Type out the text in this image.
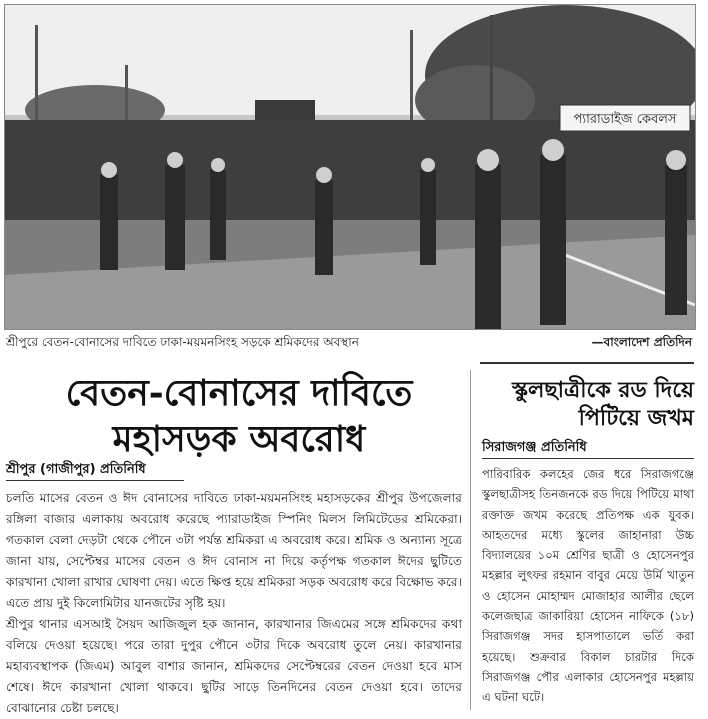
প্যারাডাইজ কেবলস
শ্রীপুরে বেতন-বোনাসের দাবিতে ঢাকা-ময়মনসিংহ সড়কে শ্রমিকদের অবস্থান	—বাংলাদেশ প্রতিদিন
বেতন-বোনাসের দাবিতে
মহাসড়ক অবরোধ
শ্রীপুর (গাজীপুর) প্রতিনিধি

চলতি মাসের বেতন ও ঈদ বোনাসের দাবিতে ঢাকা-ময়মনসিংহ মহাসড়কের শ্রীপুর উপজেলার রঙ্গিলা বাজার এলাকায় অবরোধ করেছে প্যারাডাইজ স্পিনিং মিলস লিমিটেডের শ্রমিকেরা। গতকাল বেলা দেড়টা থেকে পৌনে ৩টা পর্যন্ত শ্রমিকরা এ অবরোধ করে। শ্রমিক ও অন্যান্য সূত্রে জানা যায়, সেপ্টেম্বর মাসের বেতন ও ঈদ বোনাস না দিয়ে কর্তৃপক্ষ গতকাল ঈদের ছুটিতে কারখানা খোলা রাখার ঘোষণা দেয়। এতে ক্ষিপ্ত হয়ে শ্রমিকরা সড়ক অবরোধ করে বিক্ষোভ করে। এতে প্রায় দুই কিলোমিটার যানজটের সৃষ্টি হয়।

শ্রীপুর থানার এসআই সৈয়দ আজিজুল হক জানান, কারখানার জিএমের সঙ্গে শ্রমিকদের কথা বলিয়ে দেওয়া হয়েছে। পরে তারা দুপুর পৌনে ৩টার দিকে অবরোধ তুলে নেয়। কারখানার মহাব্যবস্থাপক (জিএম) আবুল বাশার জানান, শ্রমিকদের সেপ্টেম্বরের বেতন দেওয়া হবে মাস শেষে। ঈদে কারখানা খোলা থাকবে। ছুটির সাড়ে তিনদিনের বেতন দেওয়া হবে। তাদের বোঝানোর চেষ্টা চলছে।

স্কুলছাত্রীকে রড দিয়ে
পিটিয়ে জখম
সিরাজগঞ্জ প্রতিনিধি

পারিবারিক কলহের জের ধরে সিরাজগঞ্জে স্কুলছাত্রীসহ তিনজনকে রড দিয়ে পিটিয়ে মাথা রক্তাক্ত জখম করেছে প্রতিপক্ষ এক যুবক। আহতদের মধ্যে স্কুলের জাহানারা উচ্চ বিদ্যালয়ের ১০ম শ্রেণির ছাত্রী ও হোসেনপুর মহল্লার লুৎফর রহমান বাবুর মেয়ে উর্মি খাতুন ও হোসেন মোহাম্মদ মোজাহার আলীর ছেলে কলেজছাত্র জাকারিয়া হোসেন নাফিকে (১৮) সিরাজগঞ্জ সদর হাসপাতালে ভর্তি করা হয়েছে। শুক্রবার বিকাল চারটার দিকে সিরাজগঞ্জ পৌর এলাকার হোসেনপুর মহল্লায় এ ঘটনা ঘটে।
